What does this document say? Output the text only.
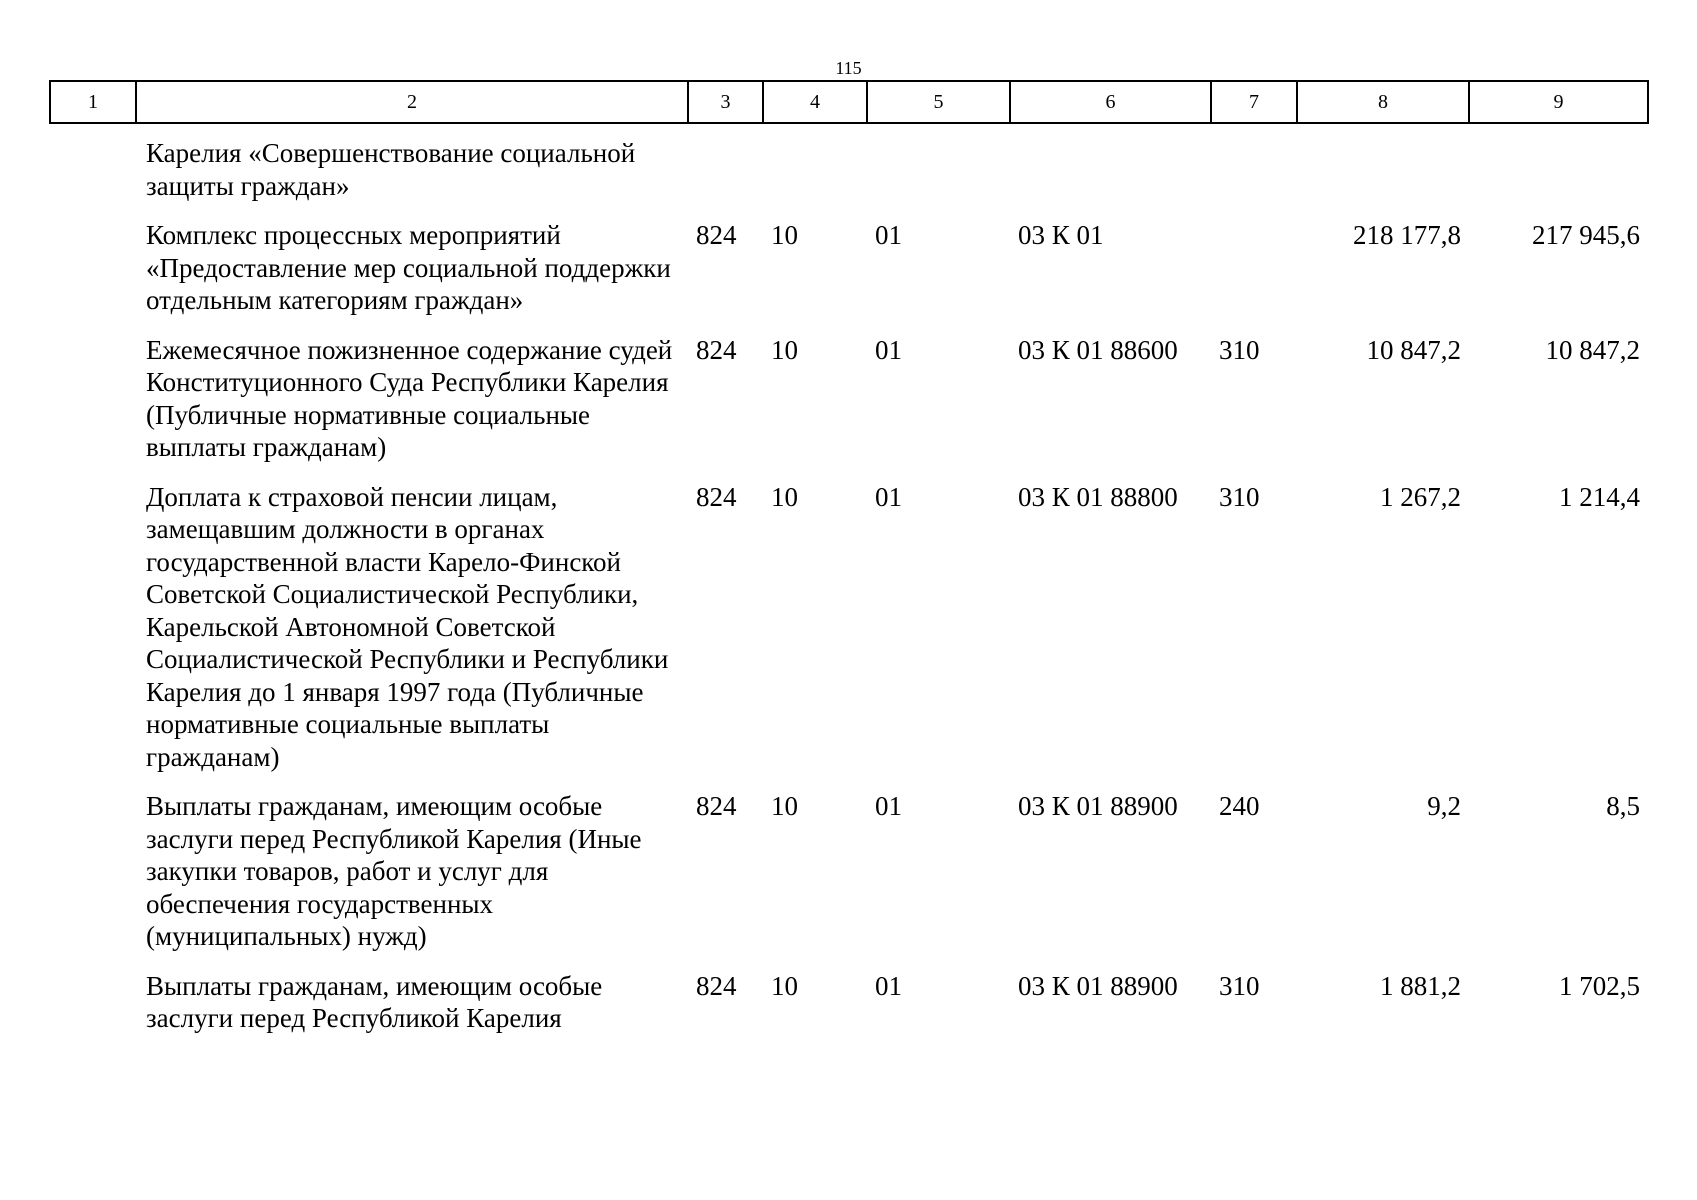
115
1	2	3	4	5	6	7	8	9
	Карелия «Совершенствование социальной защиты граждан»							
	Комплекс процессных мероприятий «Предоставление мер социальной поддержки отдельным категориям граждан»	824	10	01	03 К 01		218 177,8	217 945,6
	Ежемесячное пожизненное содержание судей Конституционного Суда Республики Карелия (Публичные нормативные социальные выплаты гражданам)	824	10	01	03 К 01 88600	310	10 847,2	10 847,2
	Доплата к страховой пенсии лицам, замещавшим должности в органах государственной власти Карело-Финской Советской Социалистической Республики, Карельской Автономной Советской Социалистической Республики и Республики Карелия до 1 января 1997 года (Публичные нормативные социальные выплаты гражданам)	824	10	01	03 К 01 88800	310	1 267,2	1 214,4
	Выплаты гражданам, имеющим особые заслуги перед Республикой Карелия (Иные закупки товаров, работ и услуг для обеспечения государственных (муниципальных) нужд)	824	10	01	03 К 01 88900	240	9,2	8,5
	Выплаты гражданам, имеющим особые заслуги перед Республикой Карелия	824	10	01	03 К 01 88900	310	1 881,2	1 702,5
